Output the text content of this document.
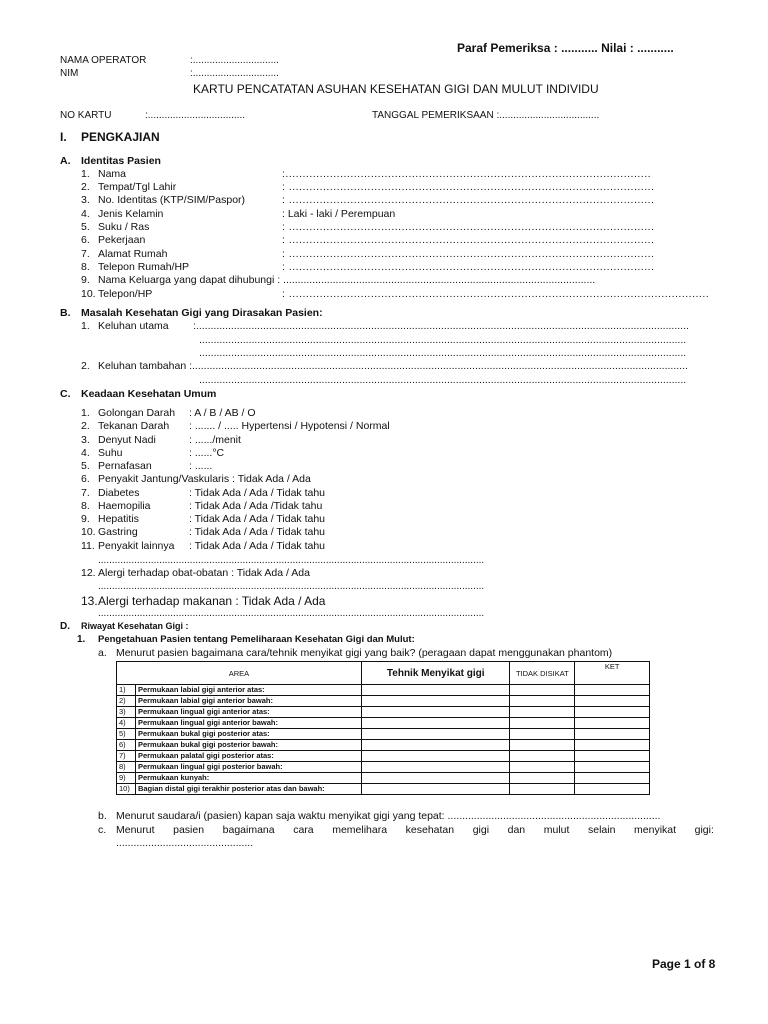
Paraf Pemeriksa : ........... Nilai : ...........
NAMA OPERATOR	:...............................
NIM	:...............................
KARTU PENCATATAN ASUHAN KESEHATAN GIGI DAN MULUT INDIVIDU
NO KARTU	:...................................	TANGGAL PEMERIKSAAN :....................................
I. PENGKAJIAN
A. Identitas Pasien
1. Nama	:...........................................................................................................
2. Tempat/Tgl Lahir	: ...........................................................................................................
3. No. Identitas (KTP/SIM/Paspor)	: ...........................................................................................................
4. Jenis Kelamin	: Laki - laki / Perempuan
5. Suku / Ras	: ...........................................................................................................
6. Pekerjaan	: ...........................................................................................................
7. Alamat Rumah	: ...........................................................................................................
8. Telepon Rumah/HP	: ...........................................................................................................
9. Nama Keluarga yang dapat dihubungi : ...........................................................................................................
10. Telepon/HP	: ...........................................................................................................................
B. Masalah Kesehatan Gigi yang Dirasakan Pasien:
1. Keluhan utama :.........................................................................................................................................................................
.......................................................................................................................................................................
.......................................................................................................................................................................
2. Keluhan tambahan :..........................................................................................................................................................................
.......................................................................................................................................................................
C. Keadaan Kesehatan Umum
1. Golongan Darah : A / B / AB / O
2. Tekanan Darah : ....... / ..... Hypertensi / Hypotensi / Normal
3. Denyut Nadi	: ....../menit
4. Suhu	: ......°C
5. Pernafasan	: ......
6. Penyakit Jantung/Vaskularis : Tidak Ada / Ada
7. Diabetes	: Tidak Ada / Ada / Tidak tahu
8. Haemopilia	: Tidak Ada / Ada /Tidak tahu
9. Hepatitis	: Tidak Ada / Ada / Tidak tahu
10. Gastring	: Tidak Ada / Ada / Tidak tahu
11. Penyakit lainnya : Tidak Ada / Ada / Tidak tahu
...........................................................................................................................................
12. Alergi terhadap obat-obatan : Tidak Ada / Ada
...........................................................................................................................................
13. Alergi terhadap makanan : Tidak Ada / Ada
...........................................................................................................................................
D. Riwayat Kesehatan Gigi :
1. Pengetahuan Pasien tentang Pemeliharaan Kesehatan Gigi dan Mulut:
a. Menurut pasien bagaimana cara/tehnik menyikat gigi yang baik? (peragaan dapat menggunakan phantom)
AREA		Tehnik Menyikat gigi	TIDAK DISIKAT	KET
1)	Permukaan labial gigi anterior atas:			
2)	Permukaan labial gigi anterior bawah:			
3)	Permukaan lingual gigi anterior atas:			
4)	Permukaan lingual gigi anterior bawah:			
5)	Permukaan bukal gigi posterior atas:			
6)	Permukaan bukal gigi posterior bawah:			
7)	Permukaan palatal gigi posterior atas:			
8)	Permukaan lingual gigi posterior bawah:			
9)	Permukaan kunyah:			
10)	Bagian distal gigi terakhir posterior atas dan bawah:			
b. Menurut saudara/i (pasien) kapan saja waktu menyikat gigi yang tepat: .........................................................................
c. Menurut pasien bagaimana cara memelihara kesehatan gigi dan mulut selain menyikat gigi:
...............................................
Page 1 of 8
